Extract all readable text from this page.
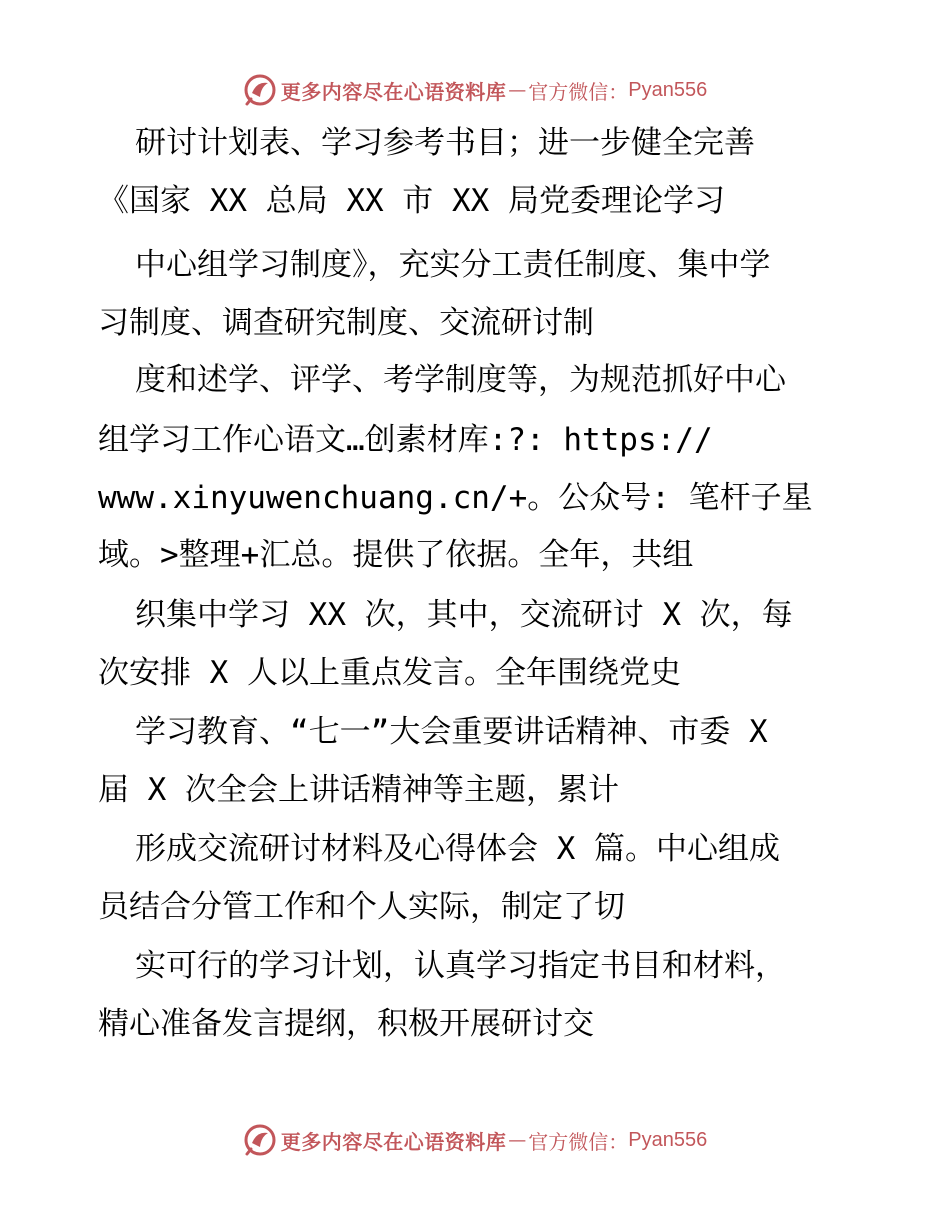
更多内容尽在心语资料库 — 官方微信： Pyan556

研讨计划表、学习参考书目；进一步健全完善

《国家 XX 总局 XX 市 XX 局党委理论学习

中心组学习制度》，充实分工责任制度、集中学

习制度、调查研究制度、交流研讨制

度和述学、评学、考学制度等，为规范抓好中心

组学习工作心语文…创素材库:?: https://

www.xinyuwenchuang.cn/+。公众号: 笔杆子星

域。>整理+汇总。提供了依据。全年，共组

织集中学习 XX 次，其中，交流研讨 X 次，每

次安排 X 人以上重点发言。全年围绕党史

学习教育、“七一”大会重要讲话精神、市委 X

届 X 次全会上讲话精神等主题，累计

形成交流研讨材料及心得体会 X 篇。中心组成

员结合分管工作和个人实际，制定了切

实可行的学习计划，认真学习指定书目和材料，

精心准备发言提纲，积极开展研讨交

更多内容尽在心语资料库 — 官方微信： Pyan556
